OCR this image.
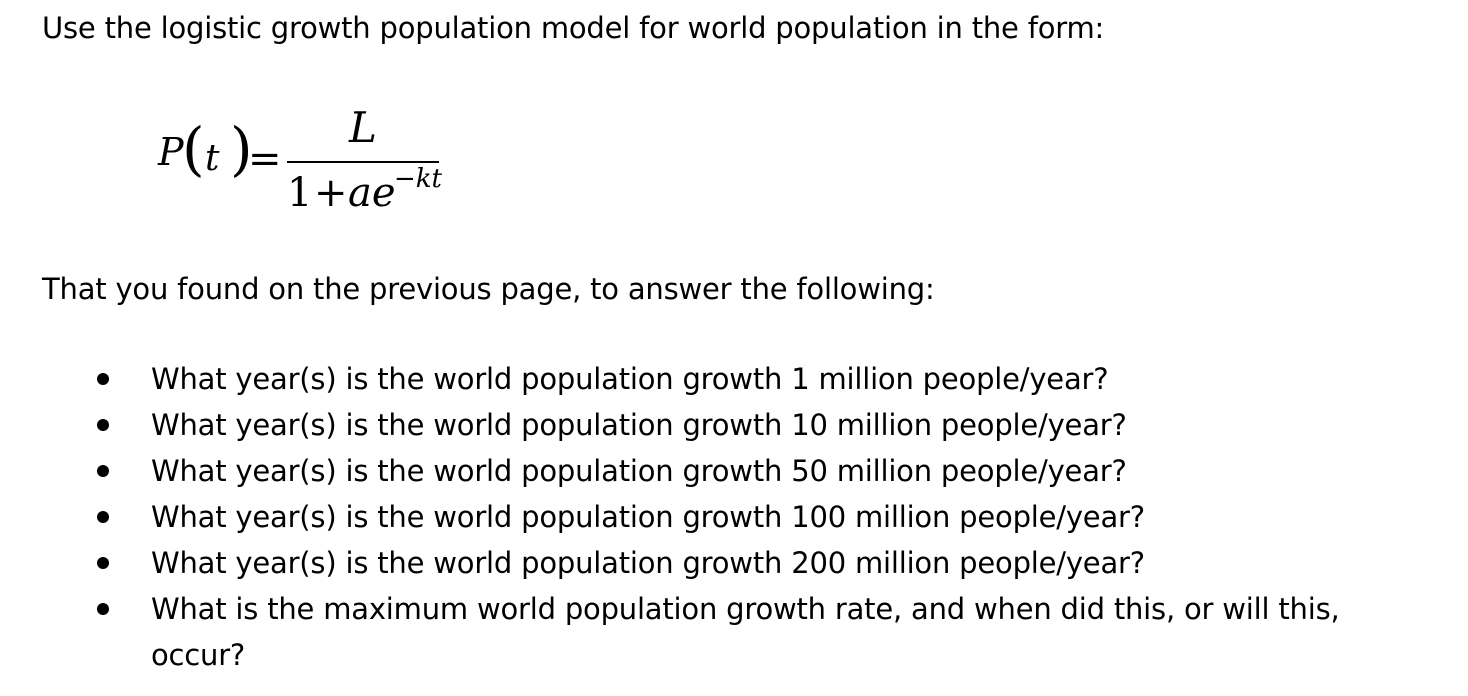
Use the logistic growth population model for world population in the form:
P
( t )
=
L
1 + ae
−kt
That you found on the previous page, to answer the following:
What year(s) is the world population growth 1 million people/year?
What year(s) is the world population growth 10 million people/year?
What year(s) is the world population growth 50 million people/year?
What year(s) is the world population growth 100 million people/year?
What year(s) is the world population growth 200 million people/year?
What is the maximum world population growth rate, and when did this, or will this, occur?
